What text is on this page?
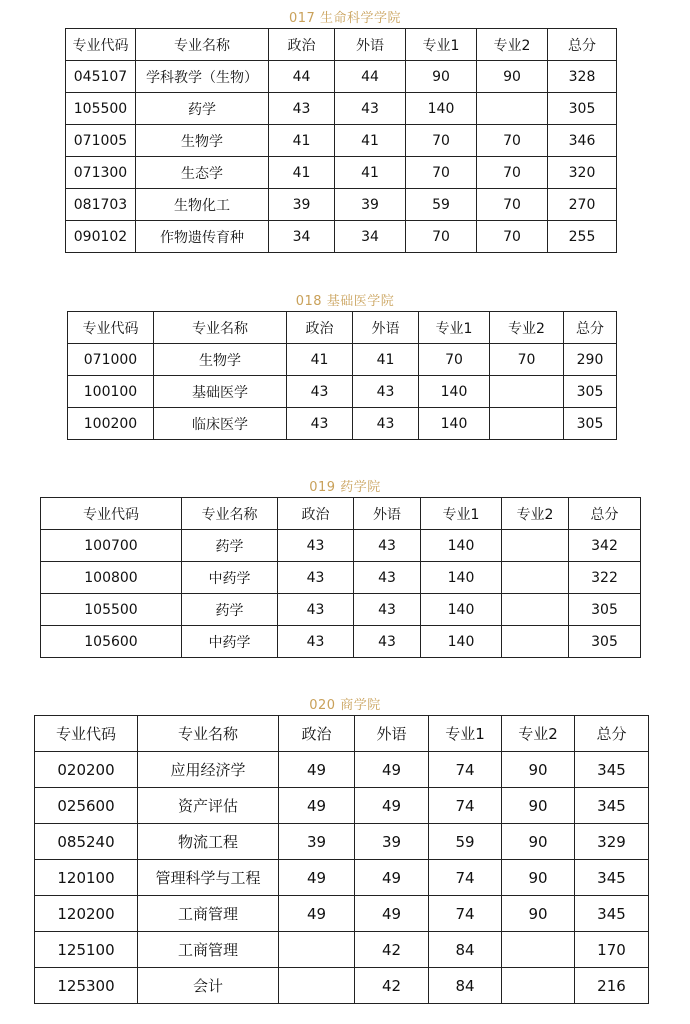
017 生命科学学院
专业代码	专业名称	政治	外语	专业1	专业2	总分
045107	学科教学（生物）	44	44	90	90	328
105500	药学	43	43	140		305
071005	生物学	41	41	70	70	346
071300	生态学	41	41	70	70	320
081703	生物化工	39	39	59	70	270
090102	作物遗传育种	34	34	70	70	255
018 基础医学院
专业代码	专业名称	政治	外语	专业1	专业2	总分
071000	生物学	41	41	70	70	290
100100	基础医学	43	43	140		305
100200	临床医学	43	43	140		305
019 药学院
专业代码	专业名称	政治	外语	专业1	专业2	总分
100700	药学	43	43	140		342
100800	中药学	43	43	140		322
105500	药学	43	43	140		305
105600	中药学	43	43	140		305
020 商学院
专业代码	专业名称	政治	外语	专业1	专业2	总分
020200	应用经济学	49	49	74	90	345
025600	资产评估	49	49	74	90	345
085240	物流工程	39	39	59	90	329
120100	管理科学与工程	49	49	74	90	345
120200	工商管理	49	49	74	90	345
125100	工商管理		42	84		170
125300	会计		42	84		216
